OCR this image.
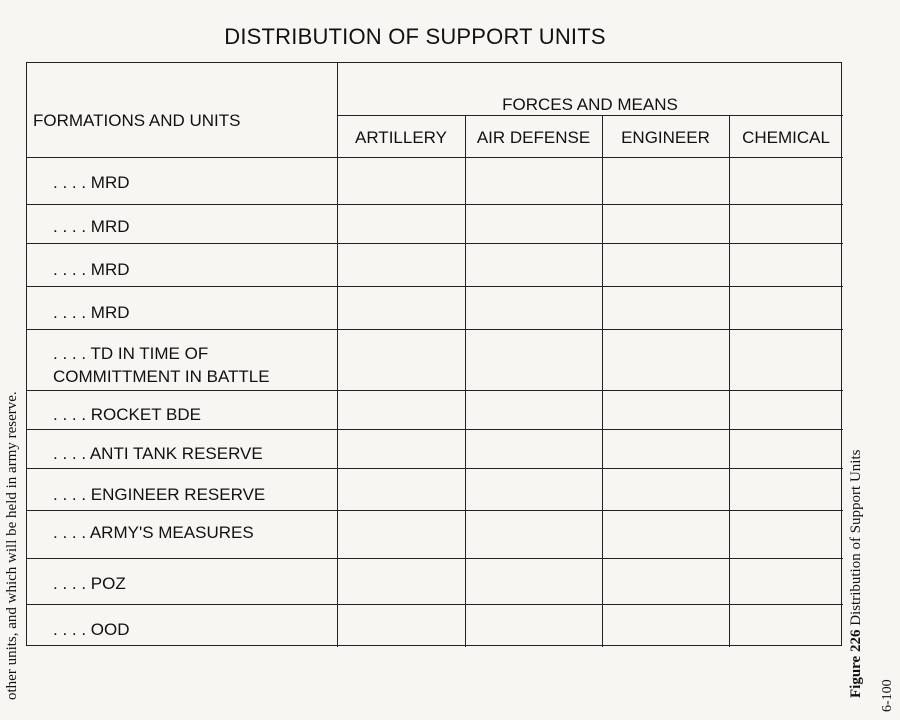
DISTRIBUTION OF SUPPORT UNITS
FORMATIONS AND UNITS
FORCES AND MEANS
ARTILLERY	AIR DEFENSE	ENGINEER	CHEMICAL
. . . . MRD
. . . . MRD
. . . . MRD
. . . . MRD
. . . . TD IN TIME OF
COMMITTMENT IN BATTLE
. . . . ROCKET BDE
. . . . ANTI TANK RESERVE
. . . . ENGINEER RESERVE
. . . . ARMY'S MEASURES
. . . . POZ
. . . . OOD
other units, and which will be held in army reserve.	Figure 226 Distribution of Support Units
6-100
